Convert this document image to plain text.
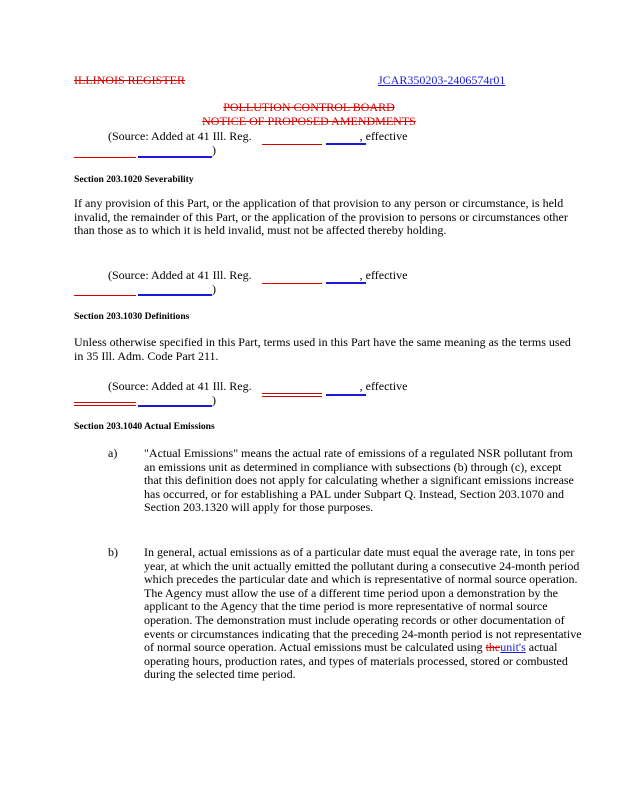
ILLINOIS REGISTER	JCAR350203-2406574r01
POLLUTION CONTROL BOARD
NOTICE OF PROPOSED AMENDMENTS
(Source: Added at 41 Ill. Reg.	, effective
)
Section 203.1020 Severability
If any provision of this Part, or the application of that provision to any person or circumstance, is held invalid, the remainder of this Part, or the application of the provision to persons or circumstances other than those as to which it is held invalid, must not be affected thereby holding.
(Source: Added at 41 Ill. Reg.	, effective
)
Section 203.1030 Definitions
Unless otherwise specified in this Part, terms used in this Part have the same meaning as the terms used in 35 Ill. Adm. Code Part 211.
(Source: Added at 41 Ill. Reg.	, effective
)
Section 203.1040 Actual Emissions
a)	"Actual Emissions" means the actual rate of emissions of a regulated NSR pollutant from an emissions unit as determined in compliance with subsections (b) through (c), except that this definition does not apply for calculating whether a significant emissions increase has occurred, or for establishing a PAL under Subpart Q. Instead, Section 203.1070 and Section 203.1320 will apply for those purposes.
b)	In general, actual emissions as of a particular date must equal the average rate, in tons per year, at which the unit actually emitted the pollutant during a consecutive 24-month period which precedes the particular date and which is representative of normal source operation. The Agency must allow the use of a different time period upon a demonstration by the applicant to the Agency that the time period is more representative of normal source operation. The demonstration must include operating records or other documentation of events or circumstances indicating that the preceding 24-month period is not representative of normal source operation. Actual emissions must be calculated using theunit's actual operating hours, production rates, and types of materials processed, stored or combusted during the selected time period.
